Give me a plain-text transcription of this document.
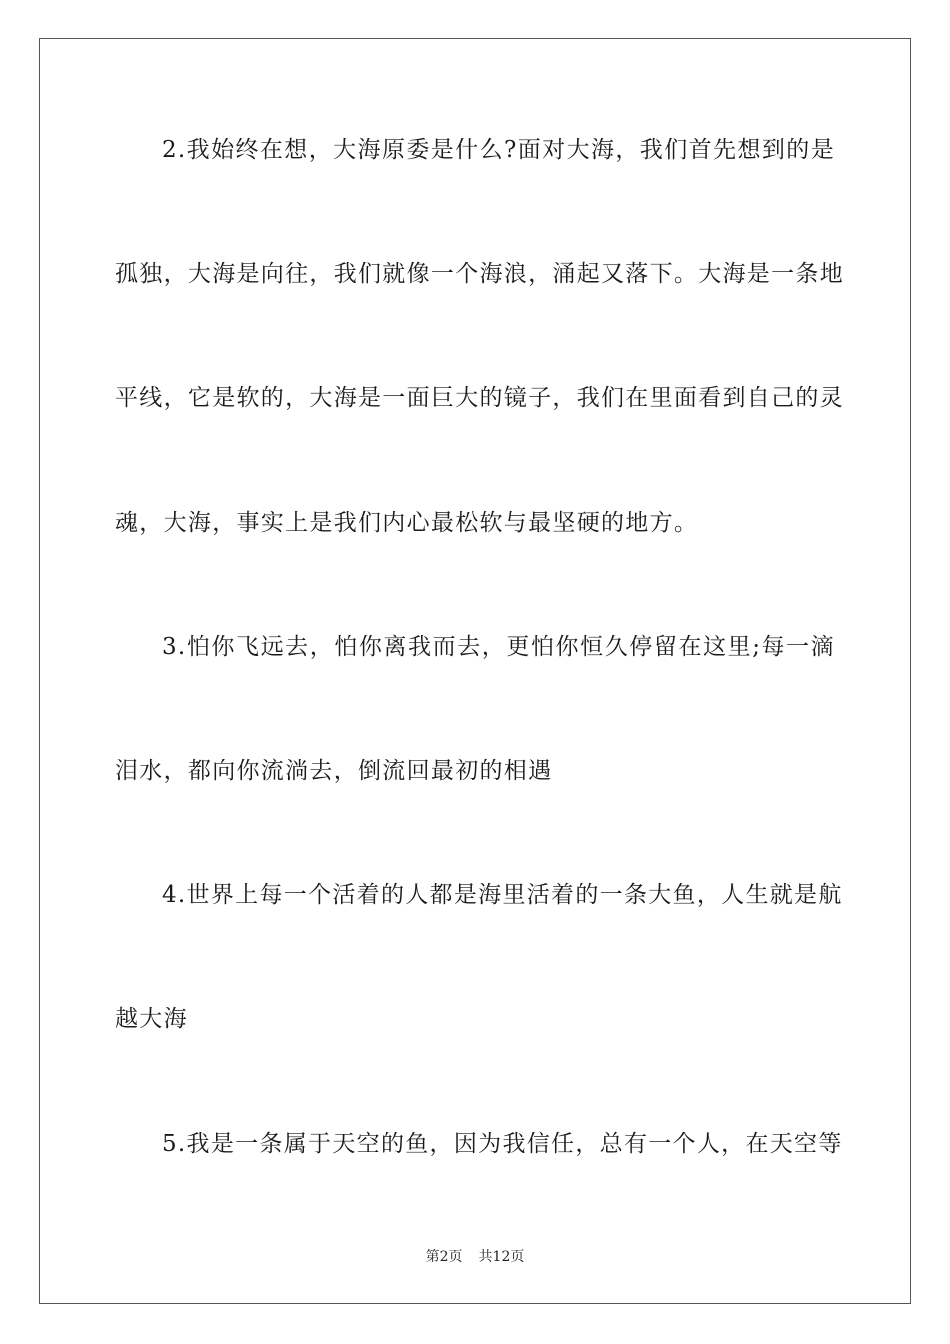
2.我始终在想，大海原委是什么?面对大海，我们首先想到的是
孤独，大海是向往，我们就像一个海浪，涌起又落下。大海是一条地
平线，它是软的，大海是一面巨大的镜子，我们在里面看到自己的灵
魂，大海，事实上是我们内心最松软与最坚硬的地方。
3.怕你飞远去，怕你离我而去，更怕你恒久停留在这里;每一滴
泪水，都向你流淌去，倒流回最初的相遇
4.世界上每一个活着的人都是海里活着的一条大鱼，人生就是航
越大海
5.我是一条属于天空的鱼，因为我信任，总有一个人，在天空等
第2页 共12页
